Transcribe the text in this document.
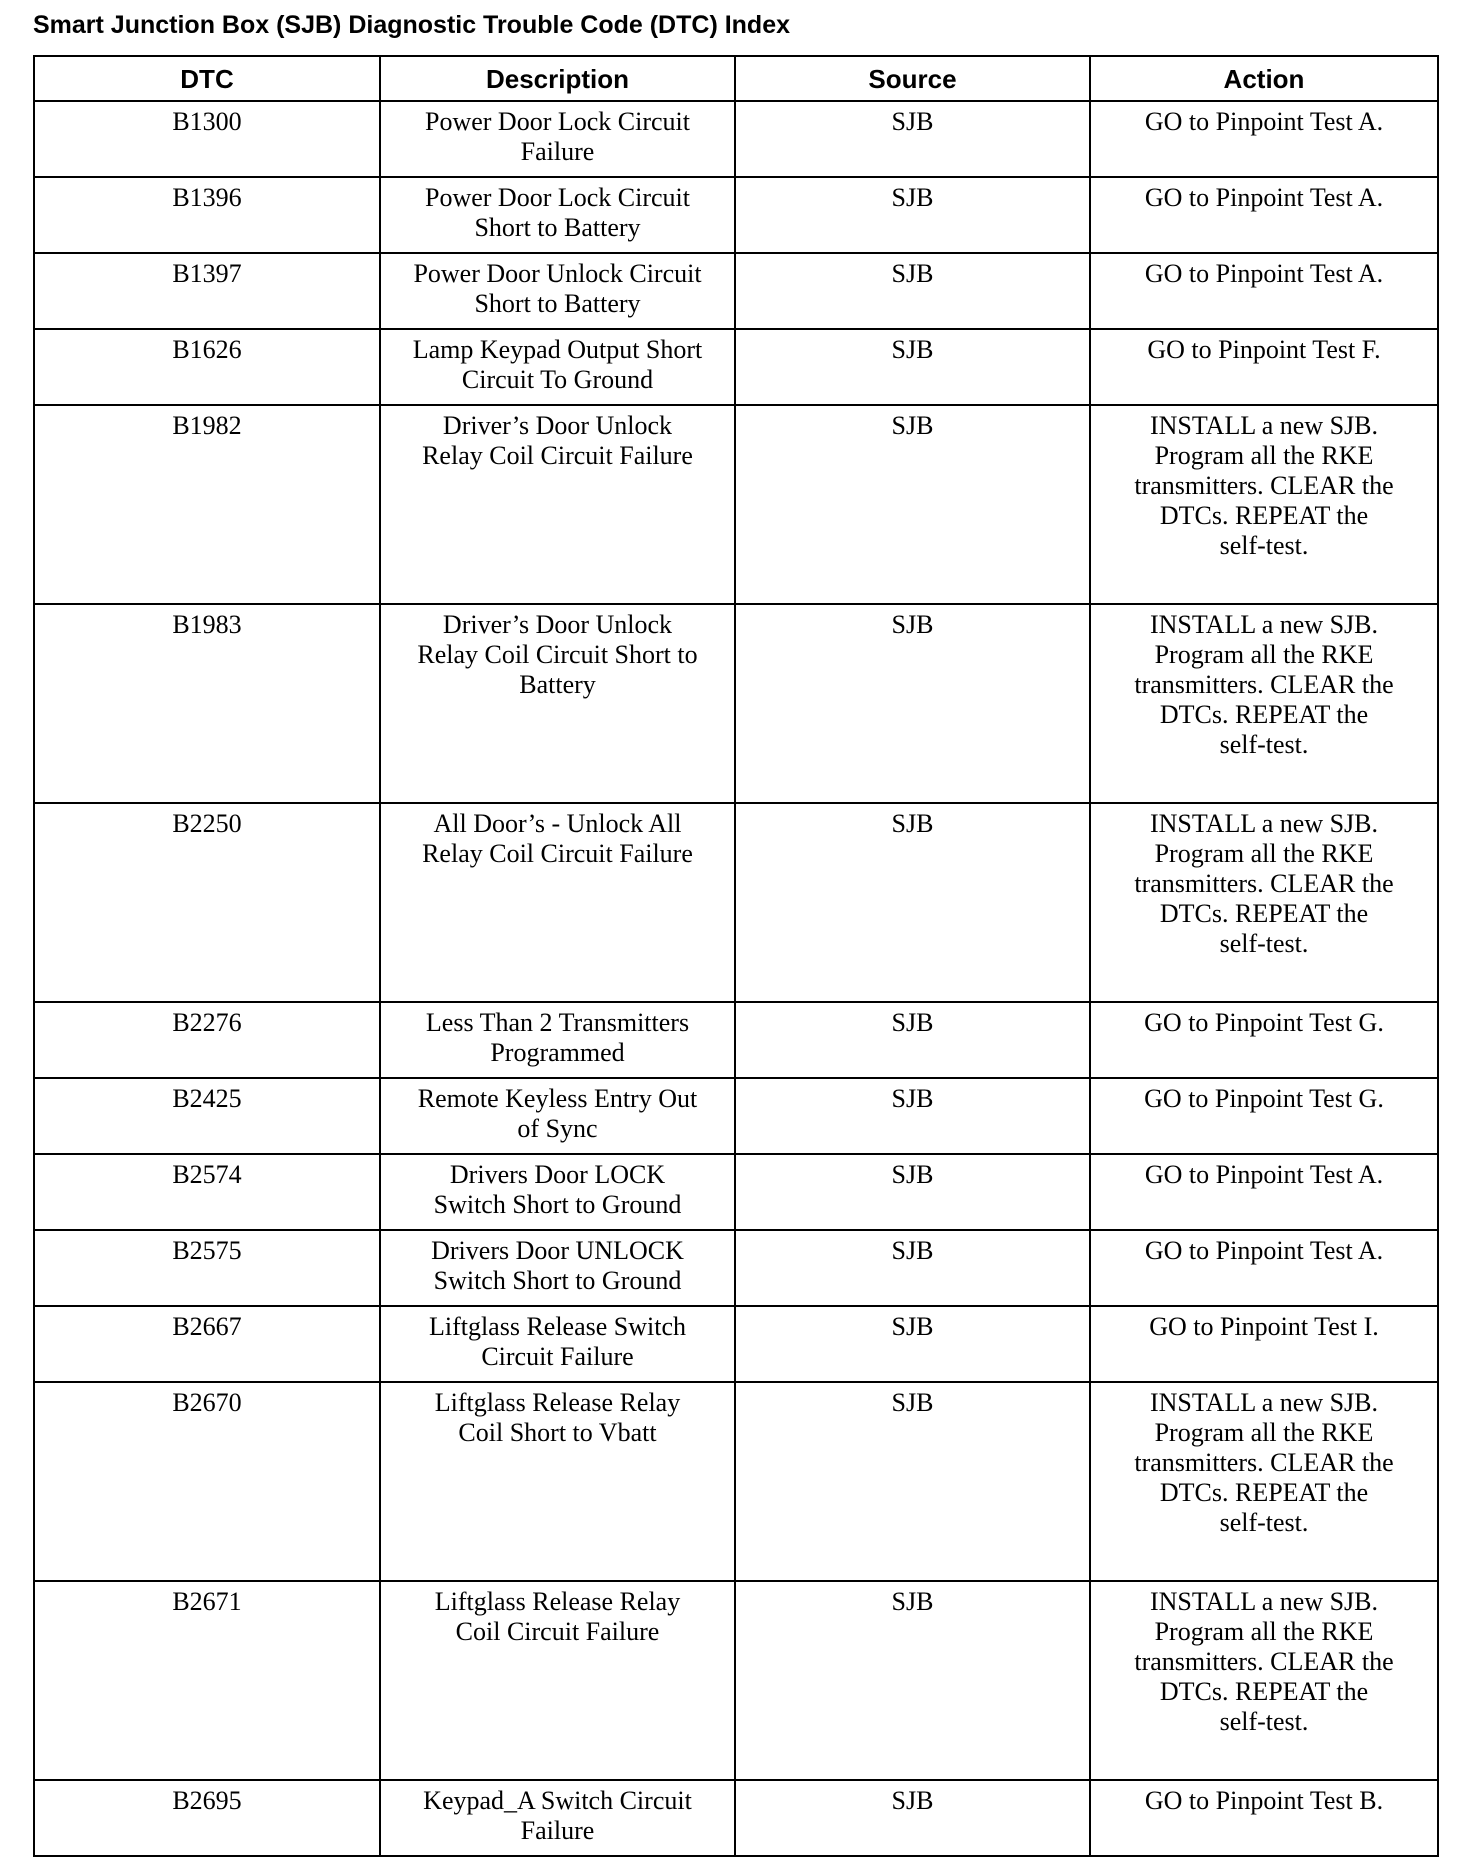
Smart Junction Box (SJB) Diagnostic Trouble Code (DTC) Index
DTC	Description	Source	Action

B1300	Power Door Lock Circuit
Failure	SJB	GO to Pinpoint Test A.

B1396	Power Door Lock Circuit
Short to Battery	SJB	GO to Pinpoint Test A.

B1397	Power Door Unlock Circuit
Short to Battery	SJB	GO to Pinpoint Test A.

B1626	Lamp Keypad Output Short
Circuit To Ground	SJB	GO to Pinpoint Test F.

B1982	Driver’s Door Unlock
Relay Coil Circuit Failure	SJB	INSTALL a new SJB.
Program all the RKE
transmitters. CLEAR the
DTCs. REPEAT the
self-test.

B1983	Driver’s Door Unlock
Relay Coil Circuit Short to
Battery	SJB	INSTALL a new SJB.
Program all the RKE
transmitters. CLEAR the
DTCs. REPEAT the
self-test.

B2250	All Door’s - Unlock All
Relay Coil Circuit Failure	SJB	INSTALL a new SJB.
Program all the RKE
transmitters. CLEAR the
DTCs. REPEAT the
self-test.

B2276	Less Than 2 Transmitters
Programmed	SJB	GO to Pinpoint Test G.

B2425	Remote Keyless Entry Out
of Sync	SJB	GO to Pinpoint Test G.

B2574	Drivers Door LOCK
Switch Short to Ground	SJB	GO to Pinpoint Test A.

B2575	Drivers Door UNLOCK
Switch Short to Ground	SJB	GO to Pinpoint Test A.

B2667	Liftglass Release Switch
Circuit Failure	SJB	GO to Pinpoint Test I.

B2670	Liftglass Release Relay
Coil Short to Vbatt	SJB	INSTALL a new SJB.
Program all the RKE
transmitters. CLEAR the
DTCs. REPEAT the
self-test.

B2671	Liftglass Release Relay
Coil Circuit Failure	SJB	INSTALL a new SJB.
Program all the RKE
transmitters. CLEAR the
DTCs. REPEAT the
self-test.

B2695	Keypad_A Switch Circuit
Failure	SJB	GO to Pinpoint Test B.
